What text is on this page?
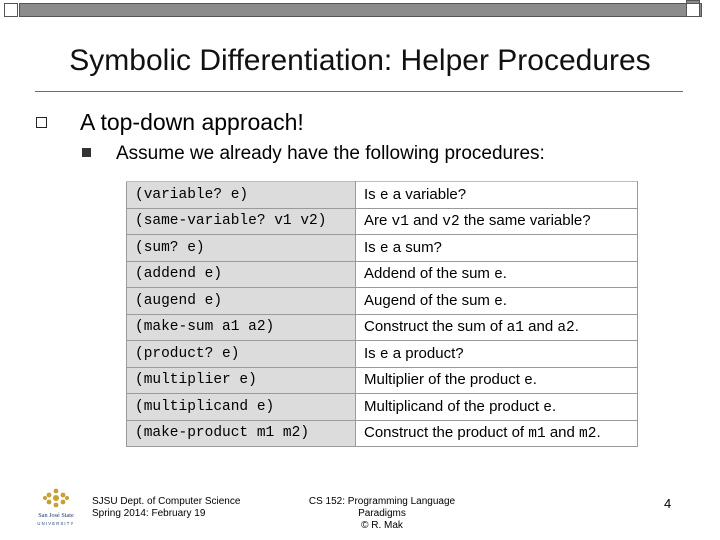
Symbolic Differentiation: Helper Procedures
A top-down approach!
Assume we already have the following procedures:
(variable? e)	Is e a variable?
(same-variable? v1 v2)	Are v1 and v2 the same variable?
(sum? e)	Is e a sum?
(addend e)	Addend of the sum e.
(augend e)	Augend of the sum e.
(make-sum a1 a2)	Construct the sum of a1 and a2.
(product? e)	Is e a product?
(multiplier e)	Multiplier of the product e.
(multiplicand e)	Multiplicand of the product e.
(make-product m1 m2)	Construct the product of m1 and m2.
San José State
UNIVERSITY
SJSU Dept. of Computer Science
Spring 2014: February 19
CS 152: Programming Language Paradigms
© R. Mak
4
